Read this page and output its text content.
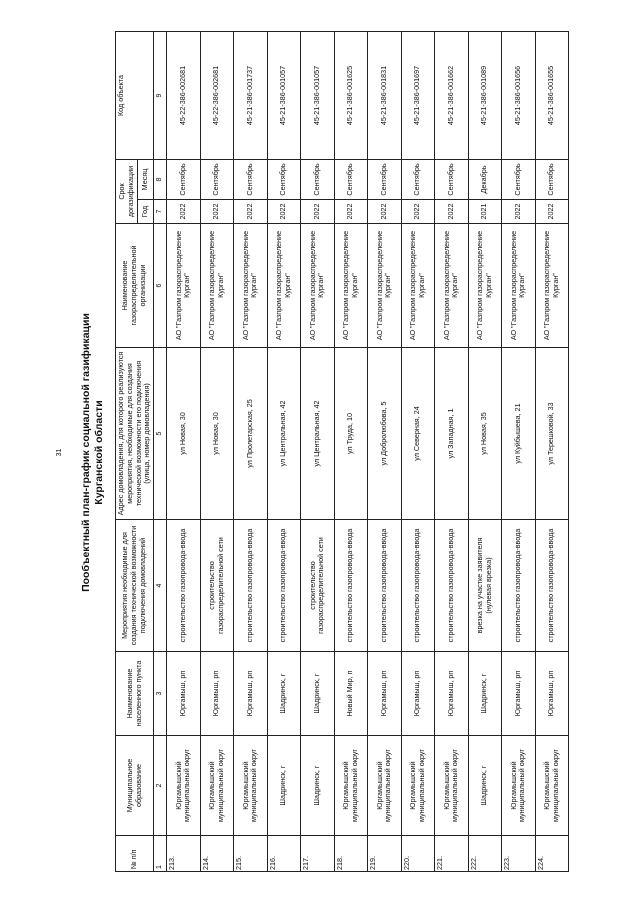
31 Пообъектный план-график социальной газификации Курганской области
№ п/п	Муниципальное образование	Наименование населенного пункта	Мероприятия необходимые для создания технической возможности подключения домовладений	Адрес домовладения, для которого реализуются мероприятия, необходимые для создания технической возможности его подключения (улица, номер домовладения)	Наименование газораспределительной организации	Срок догазификации		Код объекта
						Год	Месяц	
1	2	3	4	5	6	7	8	9
213.	Юргамышский муниципальный округ	Юргамыш, рп	строительство газопровода-ввода	ул Новая, 30	АО "Газпром газораспределение Курган"	2022	Сентябрь	45-22-386-002681
214.	Юргамышский муниципальный округ	Юргамыш, рп	строительство газораспределительной сети	ул Новая, 30	АО "Газпром газораспределение Курган"	2022	Сентябрь	45-22-386-002681
215.	Юргамышский муниципальный округ	Юргамыш, рп	строительство газопровода-ввода	ул Пролетарская, 25	АО "Газпром газораспределение Курган"	2022	Сентябрь	45-21-386-001737
216.	Шадринск, г	Шадринск, г	строительство газопровода-ввода	ул Центральная, 42	АО "Газпром газораспределение Курган"	2022	Сентябрь	45-21-386-001057
217.	Шадринск, г	Шадринск, г	строительство газораспределительной сети	ул Центральная, 42	АО "Газпром газораспределение Курган"	2022	Сентябрь	45-21-386-001057
218.	Юргамышский муниципальный округ	Новый Мир, п	строительство газопровода-ввода	ул Труда, 10	АО "Газпром газораспределение Курган"	2022	Сентябрь	45-21-386-001625
219.	Юргамышский муниципальный округ	Юргамыш, рп	строительство газопровода-ввода	ул Добролюбова, 5	АО "Газпром газораспределение Курган"	2022	Сентябрь	45-21-386-001831
220.	Юргамышский муниципальный округ	Юргамыш, рп	строительство газопровода-ввода	ул Северная, 24	АО "Газпром газораспределение Курган"	2022	Сентябрь	45-21-386-001697
221.	Юргамышский муниципальный округ	Юргамыш, рп	строительство газопровода-ввода	ул Западная, 1	АО "Газпром газораспределение Курган"	2022	Сентябрь	45-21-386-001662
222.	Шадринск, г	Шадринск, г	врезка на участке заявителя (нулевая врезка)	ул Новая, 35	АО "Газпром газораспределение Курган"	2021	Декабрь	45-21-386-001089
223.	Юргамышский муниципальный округ	Юргамыш, рп	строительство газопровода-ввода	ул Куйбышева, 21	АО "Газпром газораспределение Курган"	2022	Сентябрь	45-21-386-001656
224.	Юргамышский муниципальный округ	Юргамыш, рп	строительство газопровода-ввода	ул Терешковой, 33	АО "Газпром газораспределение Курган"	2022	Сентябрь	45-21-386-001655
